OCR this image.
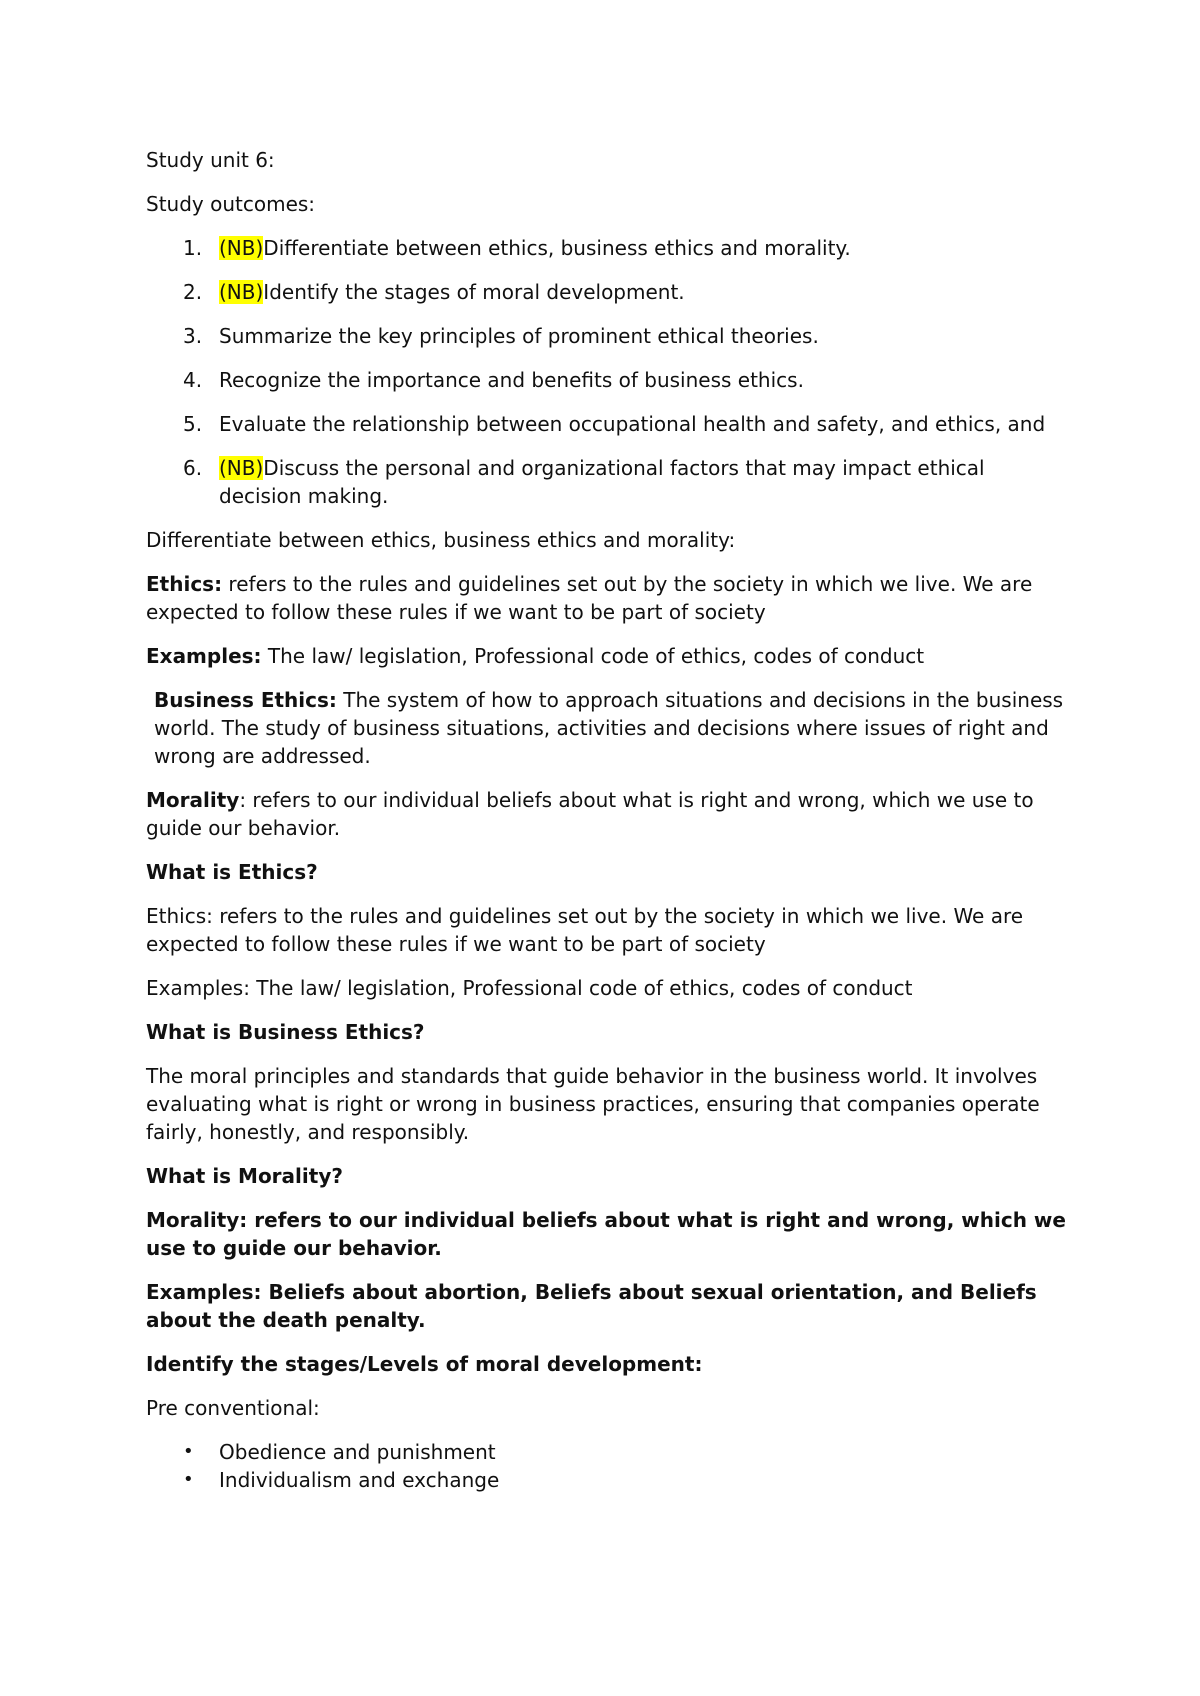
Study unit 6:

Study outcomes:

1. (NB)Differentiate between ethics, business ethics and morality.
2. (NB)Identify the stages of moral development.
3. Summarize the key principles of prominent ethical theories.
4. Recognize the importance and benefits of business ethics.
5. Evaluate the relationship between occupational health and safety, and ethics, and
6. (NB)Discuss the personal and organizational factors that may impact ethical decision making.

Differentiate between ethics, business ethics and morality:

Ethics: refers to the rules and guidelines set out by the society in which we live. We are expected to follow these rules if we want to be part of society

Examples: The law/ legislation, Professional code of ethics, codes of conduct

Business Ethics: The system of how to approach situations and decisions in the business world. The study of business situations, activities and decisions where issues of right and wrong are addressed.

Morality: refers to our individual beliefs about what is right and wrong, which we use to guide our behavior.

What is Ethics?

Ethics: refers to the rules and guidelines set out by the society in which we live. We are expected to follow these rules if we want to be part of society

Examples: The law/ legislation, Professional code of ethics, codes of conduct

What is Business Ethics?

The moral principles and standards that guide behavior in the business world. It involves evaluating what is right or wrong in business practices, ensuring that companies operate fairly, honestly, and responsibly.

What is Morality?

Morality: refers to our individual beliefs about what is right and wrong, which we use to guide our behavior.

Examples: Beliefs about abortion, Beliefs about sexual orientation, and Beliefs about the death penalty.

Identify the stages/Levels of moral development:

Pre conventional:

• Obedience and punishment
• Individualism and exchange
